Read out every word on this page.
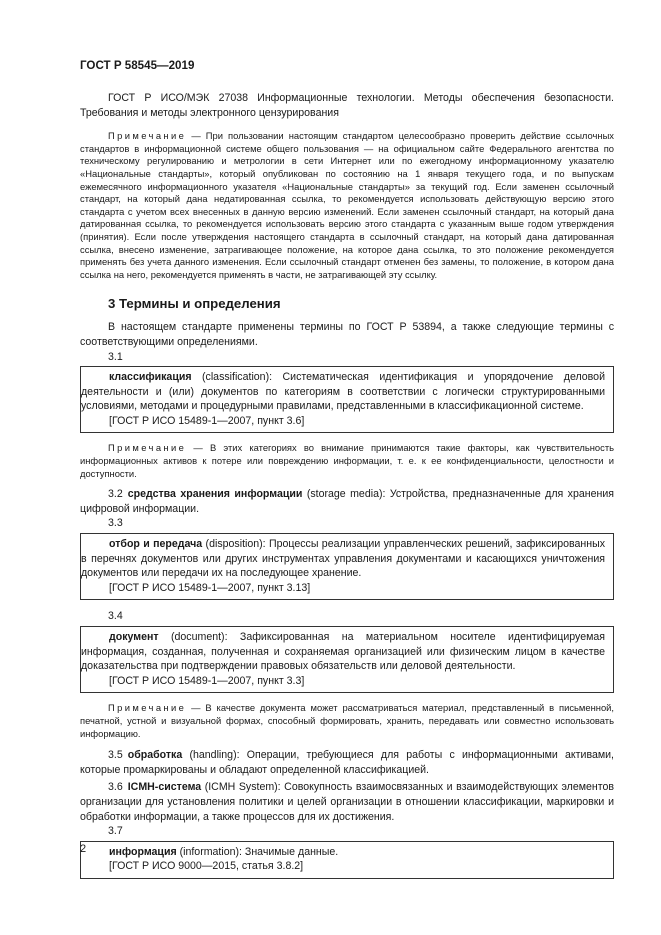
ГОСТ Р 58545—2019

ГОСТ Р ИСО/МЭК 27038 Информационные технологии. Методы обеспечения безопасности. Требования и методы электронного цензурирования

Примечание — При пользовании настоящим стандартом целесообразно проверить действие ссылочных стандартов в информационной системе общего пользования — на официальном сайте Федерального агентства по техническому регулированию и метрологии в сети Интернет или по ежегодному информационному указателю «Национальные стандарты», который опубликован по состоянию на 1 января текущего года, и по выпускам ежемесячного информационного указателя «Национальные стандарты» за текущий год. Если заменен ссылочный стандарт, на который дана недатированная ссылка, то рекомендуется использовать действующую версию этого стандарта с учетом всех внесенных в данную версию изменений. Если заменен ссылочный стандарт, на который дана датированная ссылка, то рекомендуется использовать версию этого стандарта с указанным выше годом утверждения (принятия). Если после утверждения настоящего стандарта в ссылочный стандарт, на который дана датированная ссылка, внесено изменение, затрагивающее положение, на которое дана ссылка, то это положение рекомендуется применять без учета данного изменения. Если ссылочный стандарт отменен без замены, то положение, в котором дана ссылка на него, рекомендуется применять в части, не затрагивающей эту ссылку.

3 Термины и определения

В настоящем стандарте применены термины по ГОСТ Р 53894, а также следующие термины с соответствующими определениями.

3.1

классификация (classification): Систематическая идентификация и упорядочение деловой деятельности и (или) документов по категориям в соответствии с логически структурированными условиями, методами и процедурными правилами, представленными в классификационной системе.

[ГОСТ Р ИСО 15489-1—2007, пункт 3.6]

Примечание — В этих категориях во внимание принимаются такие факторы, как чувствительность информационных активов к потере или повреждению информации, т. е. к ее конфиденциальности, целостности и доступности.

3.2 средства хранения информации (storage media): Устройства, предназначенные для хранения цифровой информации.

3.3

отбор и передача (disposition): Процессы реализации управленческих решений, зафиксированных в перечнях документов или других инструментах управления документами и касающихся уничтожения документов или передачи их на последующее хранение.

[ГОСТ Р ИСО 15489-1—2007, пункт 3.13]

3.4

документ (document): Зафиксированная на материальном носителе идентифицируемая информация, созданная, полученная и сохраняемая организацией или физическим лицом в качестве доказательства при подтверждении правовых обязательств или деловой деятельности.

[ГОСТ Р ИСО 15489-1—2007, пункт 3.3]

Примечание — В качестве документа может рассматриваться материал, представленный в письменной, печатной, устной и визуальной формах, способный формировать, хранить, передавать или совместно использовать информацию.

3.5 обработка (handling): Операции, требующиеся для работы с информационными активами, которые промаркированы и обладают определенной классификацией.

3.6 ICMH-система (ICMH System): Совокупность взаимосвязанных и взаимодействующих элементов организации для установления политики и целей организации в отношении классификации, маркировки и обработки информации, а также процессов для их достижения.

3.7

информация (information): Значимые данные.

[ГОСТ Р ИСО 9000—2015, статья 3.8.2]

2
